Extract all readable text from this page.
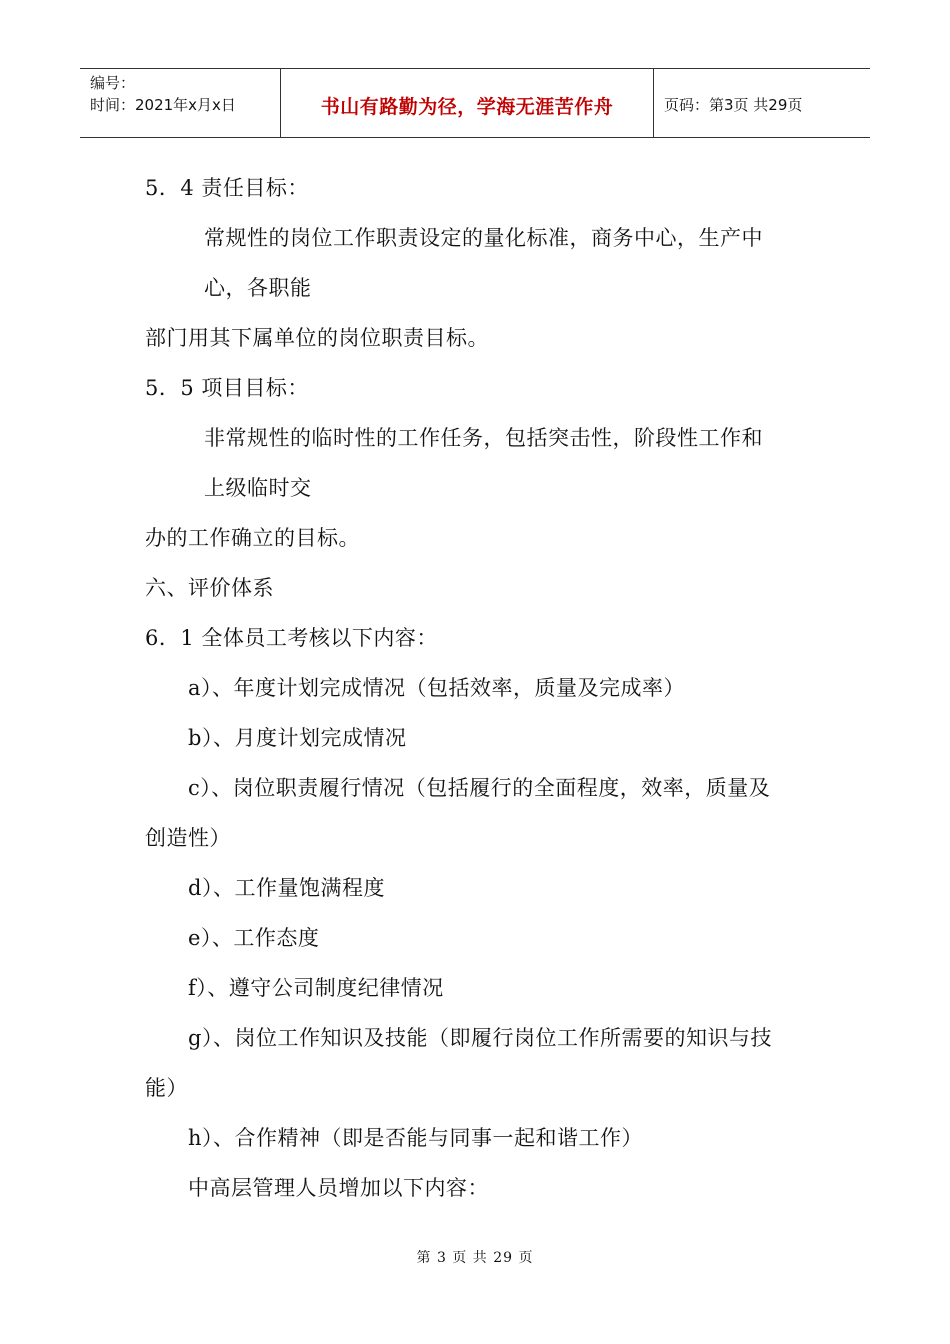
编号：
时间：2021年x月x日	书山有路勤为径，学海无涯苦作舟	页码：第3页 共29页
5．4 责任目标：
常规性的岗位工作职责设定的量化标准，商务中心，生产中
心，各职能
部门用其下属单位的岗位职责目标。
5．5 项目目标：
非常规性的临时性的工作任务，包括突击性，阶段性工作和
上级临时交
办的工作确立的目标。
六、评价体系
6．1 全体员工考核以下内容：
a）、年度计划完成情况（包括效率，质量及完成率）
b）、月度计划完成情况
c）、岗位职责履行情况（包括履行的全面程度，效率，质量及
创造性）
d）、工作量饱满程度
e）、工作态度
f）、遵守公司制度纪律情况
g）、岗位工作知识及技能（即履行岗位工作所需要的知识与技
能）
h）、合作精神（即是否能与同事一起和谐工作）
中高层管理人员增加以下内容：
第 3 页 共 29 页
